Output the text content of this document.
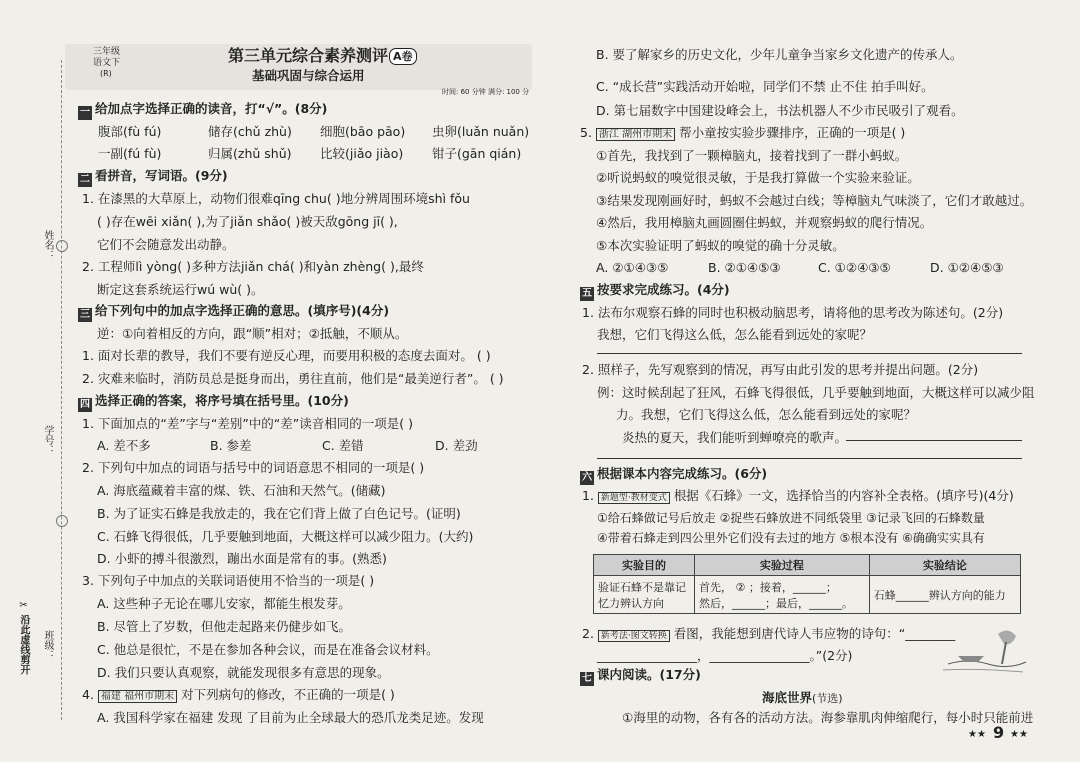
姓名：
学号：
班级：
✂ 沿此虚线剪开
三年级
语文下
(R)
第三单元综合素养测评 A卷
基础巩固与综合运用
时间: 60 分钟 满分: 100 分
一 给加点字选择正确的读音，打“√”。(8分)
腹部(fù fú)	储存(chǔ zhù) 细胞(bāo pāo) 虫卵(luǎn nuǎn)
一副(fú fù)	归属(zhǔ shǔ) 比较(jiǎo jiào) 钳子(gān qián)
二 看拼音，写词语。(9分)
1. 在漆黑的大草原上，动物们很难qīng chu( )地分辨周围环境shì fǒu
( )存在wēi xiǎn( ),为了jiǎn shǎo( )被天敌gōng jī( ),
它们不会随意发出动静。
2. 工程师lì yòng( )多种方法jiǎn chá( )和yàn zhèng( ),最终
断定这套系统运行wú wù( )。
三 给下列句中的加点字选择正确的意思。(填序号)(4分)
逆：①向着相反的方向，跟“顺”相对；②抵触，不顺从。
1. 面对长辈的教导，我们不要有逆反心理，而要用积极的态度去面对。 ( )
2. 灾难来临时，消防员总是挺身而出，勇往直前，他们是“最美逆行者”。 ( )
四 选择正确的答案，将序号填在括号里。(10分)
1. 下面加点的“差”字与“差别”中的“差”读音相同的一项是( )
A. 差不多	B. 参差	C. 差错	D. 差劲
2. 下列句中加点的词语与括号中的词语意思不相同的一项是( )
A. 海底蕴藏着丰富的煤、铁、石油和天然气。(储藏)
B. 为了证实石蜂是我放走的，我在它们背上做了白色记号。(证明)
C. 石蜂飞得很低，几乎要触到地面，大概这样可以减少阻力。(大约)
D. 小虾的搏斗很激烈，蹦出水面是常有的事。(熟悉)
3. 下列句子中加点的关联词语使用不恰当的一项是( )
A. 这些种子无论在哪儿安家，都能生根发芽。
B. 尽管上了岁数，但他走起路来仍健步如飞。
C. 他总是很忙，不是在参加各种会议，而是在准备会议材料。
D. 我们只要认真观察，就能发现很多有意思的现象。
4. 福建 福州市期末 对下列病句的修改，不正确的一项是( )
A. 我国科学家在福建 发现 了目前为止全球最大的恐爪龙类足迹。发现
B. 要了解家乡的历史文化，少年儿童争当家乡文化遗产的传承人。
C. “成长营”实践活动开始啦，同学们不禁 止不住 拍手叫好。
D. 第七届数字中国建设峰会上，书法机器人不少市民吸引了观看。
5. 浙江 湖州市期末 帮小童按实验步骤排序，正确的一项是( )
①首先，我找到了一颗樟脑丸，接着找到了一群小蚂蚁。
②听说蚂蚁的嗅觉很灵敏，于是我打算做一个实验来验证。
③结果发现刚画好时，蚂蚁不会越过白线；等樟脑丸气味淡了，它们才敢越过。
④然后，我用樟脑丸画圆圈住蚂蚁，并观察蚂蚁的爬行情况。
⑤本次实验证明了蚂蚁的嗅觉的确十分灵敏。
A. ②①④③⑤	B. ②①④⑤③	C. ①②④③⑤	D. ①②④⑤③
五 按要求完成练习。(4分)
1. 法布尔观察石蜂的同时也积极动脑思考，请将他的思考改为陈述句。(2分)
我想，它们飞得这么低，怎么能看到远处的家呢？
2. 照样子，先写观察到的情况，再写由此引发的思考并提出问题。(2分)
例：这时候刮起了狂风，石蜂飞得很低，几乎要触到地面，大概这样可以减少阻
力。我想，它们飞得这么低，怎么能看到远处的家呢？
炎热的夏天，我们能听到蝉嘹亮的歌声。
六 根据课本内容完成练习。(6分)
1. 新题型·教材变式 根据《石蜂》一文，选择恰当的内容补全表格。(填序号)(4分)
①给石蜂做记号后放走 ②捉些石蜂放进不同纸袋里 ③记录飞回的石蜂数量
④带着石蜂走到四公里外它们没有去过的地方 ⑤根本没有 ⑥确确实实具有
实验目的	实验过程	实验结论
验证石蜂不是靠记忆力辨认方向	首先， ② ；接着，______；
然后，______；最后，______。	石蜂______辨认方向的能力
2. 新考法·图文转换 看图，我能想到唐代诗人韦应物的诗句：“________
________________，________________。”(2分)
七 课内阅读。(17分)
海底世界(节选)
①海里的动物，各有各的活动方法。海参靠肌肉伸缩爬行，每小时只能前进
★★ 9 ★★
